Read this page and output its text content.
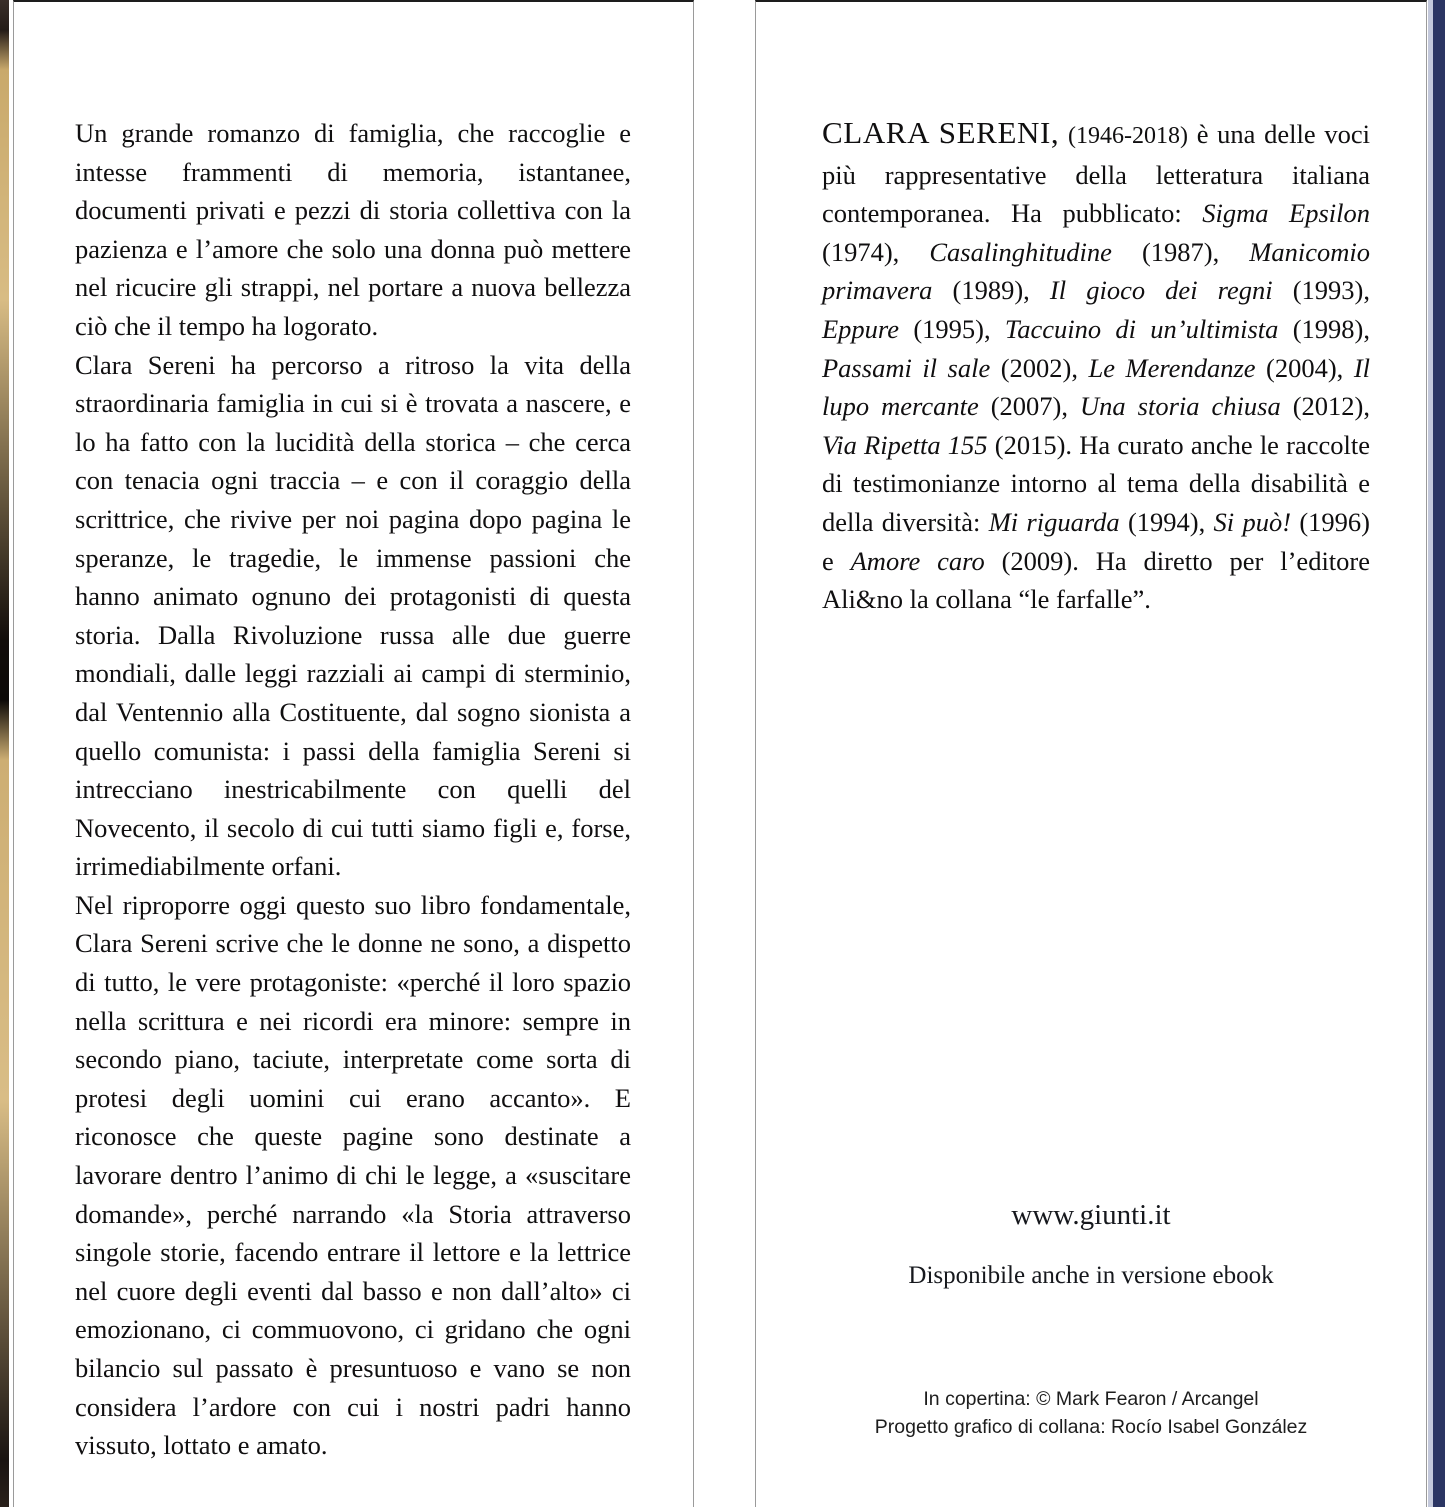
Un grande romanzo di famiglia, che raccoglie e intesse frammenti di memoria, istantanee, documenti privati e pezzi di storia collettiva con la pazienza e l’amore che solo una donna può mettere nel ricucire gli strappi, nel portare a nuova bellezza ciò che il tempo ha logorato.

Clara Sereni ha percorso a ritroso la vita della straordinaria famiglia in cui si è trovata a nascere, e lo ha fatto con la lucidità della storica – che cerca con tenacia ogni traccia – e con il coraggio della scrittrice, che rivive per noi pagina dopo pagina le speranze, le tragedie, le immense passioni che hanno animato ognuno dei protagonisti di questa storia. Dalla Rivoluzione russa alle due guerre mondiali, dalle leggi razziali ai campi di sterminio, dal Ventennio alla Costituente, dal sogno sionista a quello comunista: i passi della famiglia Sereni si intrecciano inestricabilmente con quelli del Novecento, il secolo di cui tutti siamo figli e, forse, irrimediabilmente orfani.

Nel riproporre oggi questo suo libro fondamentale, Clara Sereni scrive che le donne ne sono, a dispetto di tutto, le vere protagoniste: «perché il loro spazio nella scrittura e nei ricordi era minore: sempre in secondo piano, taciute, interpretate come sorta di protesi degli uomini cui erano accanto». E riconosce che queste pagine sono destinate a lavorare dentro l’animo di chi le legge, a «suscitare domande», perché narrando «la Storia attraverso singole storie, facendo entrare il lettore e la lettrice nel cuore degli eventi dal basso e non dall’alto» ci emozionano, ci commuovono, ci gridano che ogni bilancio sul passato è presuntuoso e vano se non considera l’ardore con cui i nostri padri hanno vissuto, lottato e amato.

CLARA SERENI, (1946-2018) è una delle voci più rappresentative della letteratura italiana contemporanea. Ha pubblicato: Sigma Epsilon (1974), Casalinghitudine (1987), Manicomio primavera (1989), Il gioco dei regni (1993), Eppure (1995), Taccuino di un’ultimista (1998), Passami il sale (2002), Le Merendanze (2004), Il lupo mercante (2007), Una storia chiusa (2012), Via Ripetta 155 (2015). Ha curato anche le raccolte di testimonianze intorno al tema della disabilità e della diversità: Mi riguarda (1994), Si può! (1996) e Amore caro (2009). Ha diretto per l’editore Ali&no la collana “le farfalle”.

www.giunti.it
Disponibile anche in versione ebook
In copertina: © Mark Fearon / Arcangel
Progetto grafico di collana: Rocío Isabel González
